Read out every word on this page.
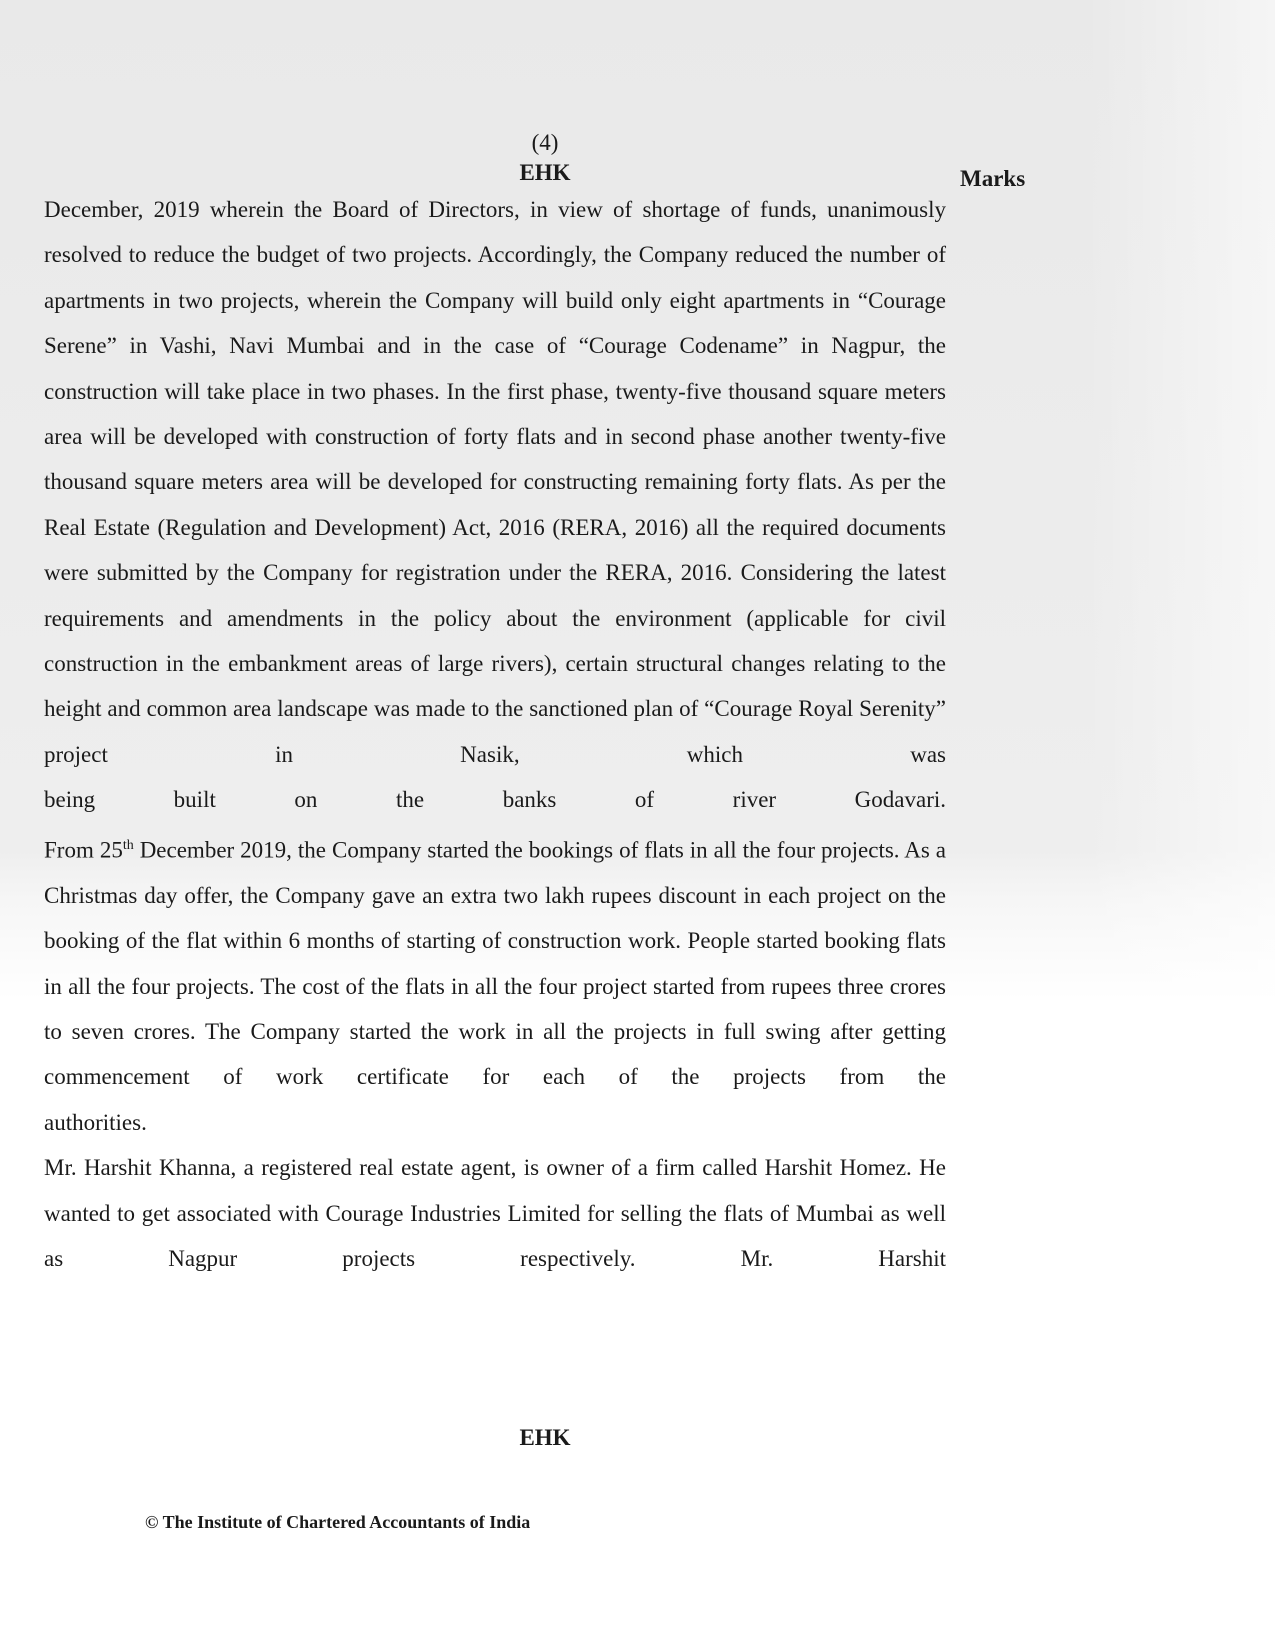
(4)
EHK	Marks

December, 2019 wherein the Board of Directors, in view of shortage of funds, unanimously resolved to reduce the budget of two projects. Accordingly, the Company reduced the number of apartments in two projects, wherein the Company will build only eight apartments in “Courage Serene” in Vashi, Navi Mumbai and in the case of “Courage Codename” in Nagpur, the construction will take place in two phases. In the first phase, twenty-five thousand square meters area will be developed with construction of forty flats and in second phase another twenty-five thousand square meters area will be developed for constructing remaining forty flats. As per the Real Estate (Regulation and Development) Act, 2016 (RERA, 2016) all the required documents were submitted by the Company for registration under the RERA, 2016. Considering the latest requirements and amendments in the policy about the environment (applicable for civil construction in the embankment areas of large rivers), certain structural changes relating to the height and common area landscape was made to the sanctioned plan of “Courage Royal Serenity” project in Nasik, which was
being built on the banks of river Godavari.

From 25th December 2019, the Company started the bookings of flats in all the four projects. As a Christmas day offer, the Company gave an extra two lakh rupees discount in each project on the booking of the flat within 6 months of starting of construction work. People started booking flats in all the four projects. The cost of the flats in all the four project started from rupees three crores to seven crores. The Company started the work in all the projects in full swing after getting commencement of work certificate for each of the projects from the
authorities.

Mr. Harshit Khanna, a registered real estate agent, is owner of a firm called Harshit Homez. He wanted to get associated with Courage Industries Limited for selling the flats of Mumbai as well as Nagpur projects respectively. Mr. Harshit

EHK
© The Institute of Chartered Accountants of India
